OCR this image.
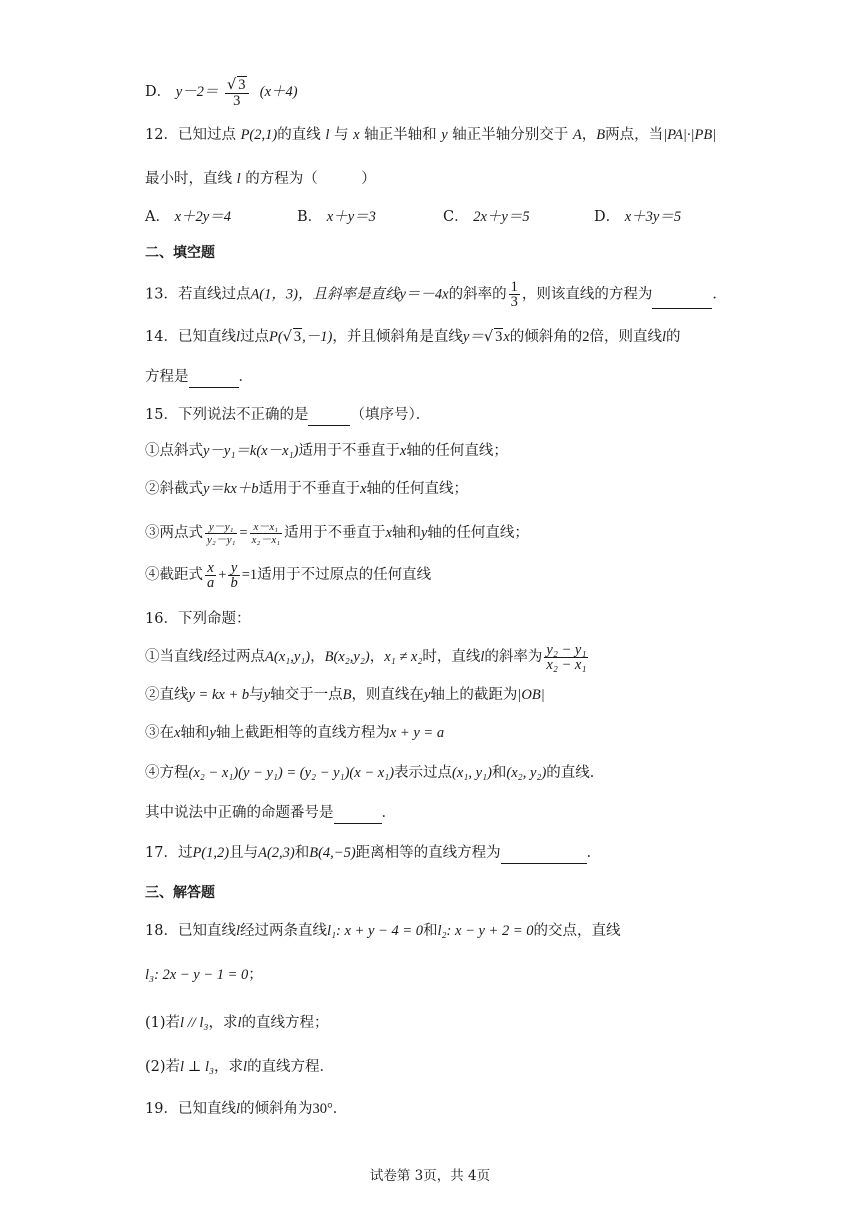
D． $y-2= \frac{√ 3}{3} (x+4)$
12．已知过点 P(2,1)的直线 l 与 x 轴正半轴和 y 轴正半轴分别交于 A，B两点，当|PA|·|PB|
最小时，直线 l 的方程为（　　　）
A． x＋2y＝4	B． x＋y＝3	C． 2x＋y＝5	D． x＋3y＝5
二、填空题
13．若直线过点A(1，3)，且斜率是直线y＝－4x的斜率的 $\frac{1}{3}$ ，则该直线的方程为	．
14．已知直线l过点P(√ 3,－1)，并且倾斜角是直线y＝√ 3x的倾斜角的2倍，则直线l的
方程是	．
15．下列说法不正确的是	（填序号）．
①点斜式y－y₁＝k(x－x₁)适用于不垂直于x轴的任何直线；
②斜截式y＝kx＋b适用于不垂直于x轴的任何直线；
③两点式 $\frac{\text{y－y₁}}{\text{y₂－y₁}} = \frac{\text{x－x₁}}{\text{x₂－x₁}}$ 适用于不垂直于x轴和y轴的任何直线；
④截距式 $\frac{x}{a} + \frac{y}{b} =1$适用于不过原点的任何直线
16．下列命题：
①当直线l经过两点A(x₁,y₁)，B(x₂,y₂)，x₁ ≠ x₂时，直线l的斜率为 $\frac{\text{y₂ − y₁}}{\text{x₂ − x₁}}$
②直线y = kx + b与y轴交于一点B，则直线在y轴上的截距为|OB|
③在x轴和y轴上截距相等的直线方程为x + y = a
④方程(x₂ − x₁)(y − y₁) = (y₂ − y₁)(x − x₁)表示过点(x₁, y₁)和(x₂, y₂)的直线．
其中说法中正确的命题番号是	．
17．过P(1,2)且与A(2,3)和B(4,−5)距离相等的直线方程为	．
三、解答题
18．已知直线l经过两条直线l₁: x + y − 4 = 0和l₂: x − y + 2 = 0的交点，直线
l₃: 2x − y − 1 = 0；
(1)若l // l₃，求l的直线方程；
(2)若l ⊥ l₃，求l的直线方程．
19．已知直线l的倾斜角为30°．
试卷第 3页，共 4页
